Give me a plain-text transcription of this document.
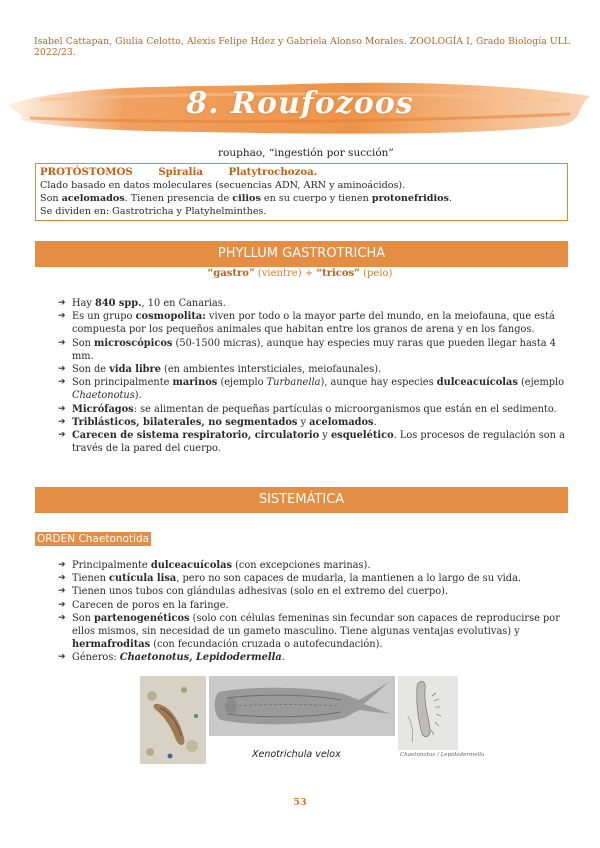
Isabel Cattapan, Giulia Celotto, Alexis Felipe Hdez y Gabriela Alonso Morales. ZOOLOGÍA I, Grado Biología ULL 2022/23.
8. Roufozoos
rouphao, “ingestión por succión”
PROTÓSTOMOS	Spiralia	Platytrochozoa.
Clado basado en datos moleculares (secuencias ADN, ARN y aminoácidos).
Son acelomados. Tienen presencia de cilios en su cuerpo y tienen protonefridios.
Se dividen en: Gastrotricha y Platyhelminthes.
PHYLLUM GASTROTRICHA
“gastro” (vientre) + “tricos” (pelo)
➔ Hay 840 spp., 10 en Canarias.
➔ Es un grupo cosmopolita: viven por todo o la mayor parte del mundo, en la meiofauna, que está compuesta por los pequeños animales que habitan entre los granos de arena y en los fangos.
➔ Son microscópicos (50-1500 micras), aunque hay especies muy raras que pueden llegar hasta 4 mm.
➔ Son de vida libre (en ambientes intersticiales, meiofaunales).
➔ Son principalmente marinos (ejemplo Turbanella), aunque hay especies dulceacuícolas (ejemplo Chaetonotus).
➔ Micrófagos: se alimentan de pequeñas partículas o microorganismos que están en el sedimento.
➔ Triblásticos, bilaterales, no segmentados y acelomados.
➔ Carecen de sistema respiratorio, circulatorio y esquelético. Los procesos de regulación son a través de la pared del cuerpo.
SISTEMÁTICA
ORDEN Chaetonotida
➔ Principalmente dulceacuícolas (con excepciones marinas).
➔ Tienen cutícula lisa, pero no son capaces de mudarla, la mantienen a lo largo de su vida.
➔ Tienen unos tubos con glándulas adhesivas (solo en el extremo del cuerpo).
➔ Carecen de poros en la faringe.
➔ Son partenogenéticos (solo con células femeninas sin fecundar son capaces de reproducirse por ellos mismos, sin necesidad de un gameto masculino. Tiene algunas ventajas evolutivas) y hermafroditas (con fecundación cruzada o autofecundación).
➔ Géneros: Chaetonotus, Lepidodermella.
Xenotrichula velox	Chaetonotus / Lepidodermella
53
